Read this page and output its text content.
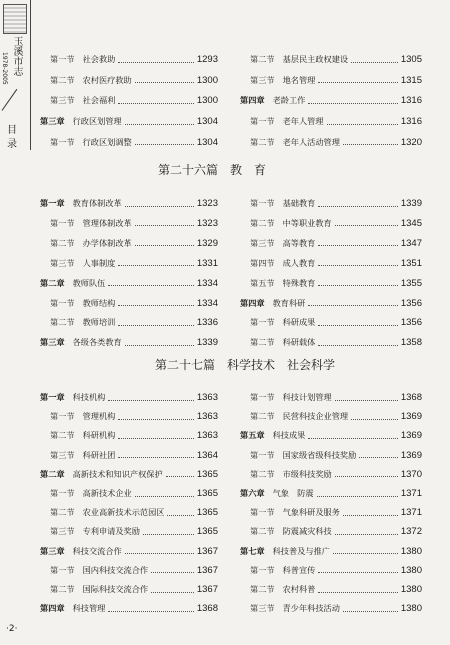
玉溪市志
1978-2005
目录
第二十六篇　教　育
第二十七篇　科学技术　社会科学
第一节 社会救助	1293
第二节 农村医疗救助	1300
第三节 社会福利	1300
第三章 行政区划管理	1304
第一节 行政区划调整	1304
第二节 基层民主政权建设	1305
第三节 地名管理	1315
第四章 老龄工作	1316
第一节 老年人管理	1316
第二节 老年人活动管理	1320
第一章 教育体制改革	1323
第一节 管理体制改革	1323
第二节 办学体制改革	1329
第三节 人事制度	1331
第二章 教师队伍	1334
第一节 教师结构	1334
第二节 教师培训	1336
第三章 各级各类教育	1339
第一节 基础教育	1339
第二节 中等职业教育	1345
第三节 高等教育	1347
第四节 成人教育	1351
第五节 特殊教育	1355
第四章 教育科研	1356
第一节 科研成果	1356
第二节 科研载体	1358
第一章 科技机构	1363
第一节 管理机构	1363
第二节 科研机构	1363
第三节 科研社团	1364
第二章 高新技术和知识产权保护	1365
第一节 高新技术企业	1365
第二节 农业高新技术示范园区	1365
第三节 专利申请及奖励	1365
第三章 科技交流合作	1367
第一节 国内科技交流合作	1367
第二节 国际科技交流合作	1367
第四章 科技管理	1368
第一节 科技计划管理	1368
第二节 民营科技企业管理	1369
第五章 科技成果	1369
第一节 国家级省级科技奖励	1369
第二节 市级科技奖励	1370
第六章 气象　防震	1371
第一节 气象科研及服务	1371
第二节 防震减灾科技	1372
第七章 科技普及与推广	1380
第一节 科普宣传	1380
第二节 农村科普	1380
第三节 青少年科技活动	1380
·2·
